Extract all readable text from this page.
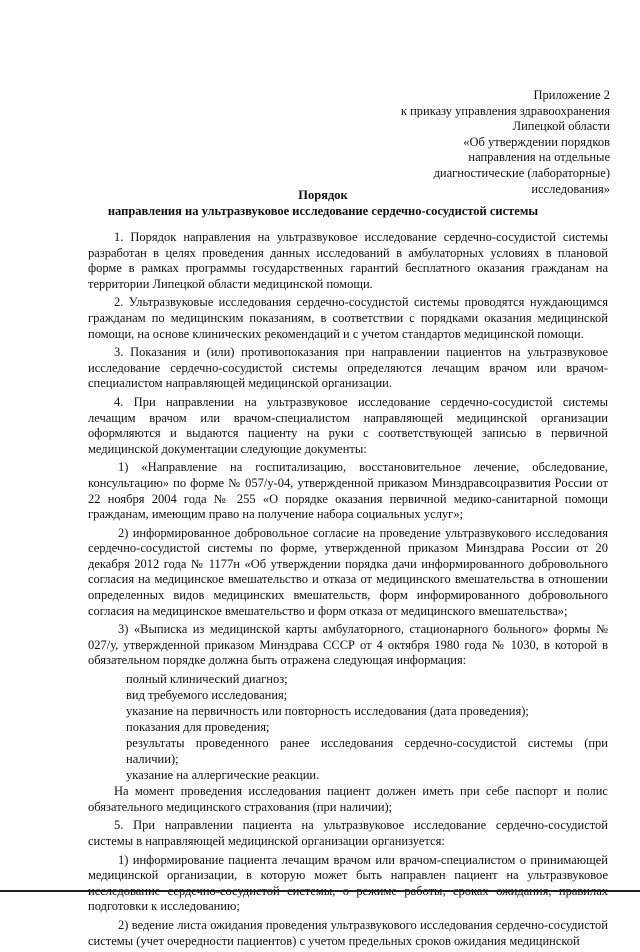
Приложение 2
к приказу управления здравоохранения
Липецкой области
«Об утверждении порядков
направления на отдельные
диагностические (лабораторные)
исследования»
Порядок
направления на ультразвуковое исследование сердечно-сосудистой системы

1. Порядок направления на ультразвуковое исследование сердечно-сосудистой системы разработан в целях проведения данных исследований в амбулаторных условиях в плановой форме в рамках программы государственных гарантий бесплатного оказания гражданам на территории Липецкой области медицинской помощи.

2. Ультразвуковые исследования сердечно-сосудистой системы проводятся нуждающимся гражданам по медицинским показаниям, в соответствии с порядками оказания медицинской помощи, на основе клинических рекомендаций и с учетом стандартов медицинской помощи.

3. Показания и (или) противопоказания при направлении пациентов на ультразвуковое исследование сердечно-сосудистой системы определяются лечащим врачом или врачом-специалистом направляющей медицинской организации.

4. При направлении на ультразвуковое исследование сердечно-сосудистой системы лечащим врачом или врачом-специалистом направляющей медицинской организации оформляются и выдаются пациенту на руки с соответствующей записью в первичной медицинской документации следующие документы:

1) «Направление на госпитализацию, восстановительное лечение, обследование, консультацию» по форме № 057/у-04, утвержденной приказом Минздравсоцразвития России от 22 ноября 2004 года № 255 «О порядке оказания первичной медико-санитарной помощи гражданам, имеющим право на получение набора социальных услуг»;

2) информированное добровольное согласие на проведение ультразвукового исследования сердечно-сосудистой системы по форме, утвержденной приказом Минздрава России от 20 декабря 2012 года № 1177н «Об утверждении порядка дачи информированного добровольного согласия на медицинское вмешательство и отказа от медицинского вмешательства в отношении определенных видов медицинских вмешательств, форм информированного добровольного согласия на медицинское вмешательство и форм отказа от медицинского вмешательства»;

3) «Выписка из медицинской карты амбулаторного, стационарного больного» формы № 027/у, утвержденной приказом Минздрава СССР от 4 октября 1980 года № 1030, в которой в обязательном порядке должна быть отражена следующая информация:

полный клинический диагноз;
вид требуемого исследования;
указание на первичность или повторность исследования (дата проведения);
показания для проведения;
результаты проведенного ранее исследования сердечно-сосудистой системы (при наличии);
указание на аллергические реакции.

На момент проведения исследования пациент должен иметь при себе паспорт и полис обязательного медицинского страхования (при наличии);

5. При направлении пациента на ультразвуковое исследование сердечно-сосудистой системы в направляющей медицинской организации организуется:

1) информирование пациента лечащим врачом или врачом-специалистом о принимающей медицинской организации, в которую может быть направлен пациент на ультразвуковое исследование сердечно-сосудистой системы, о режиме работы, сроках ожидания, правилах подготовки к исследованию;

2) ведение листа ожидания проведения ультразвукового исследования сердечно-сосудистой системы (учет очередности пациентов) с учетом предельных сроков ожидания медицинской
